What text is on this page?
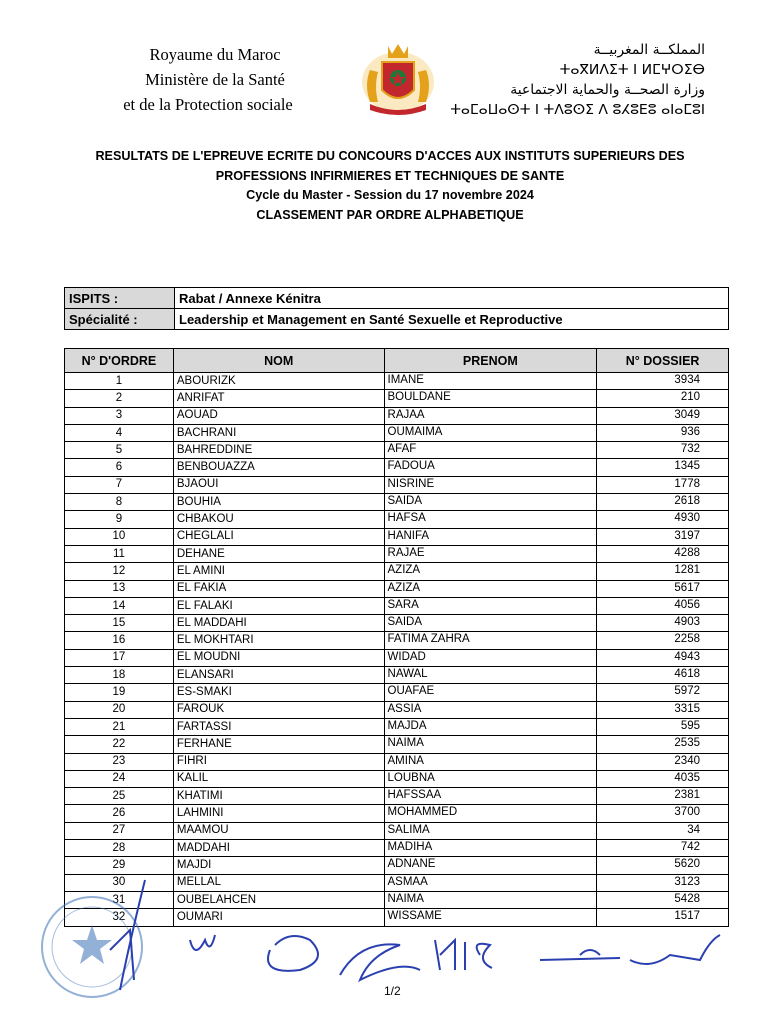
Royaume du Maroc
Ministère de la Santé
et de la Protection sociale
المملكــة المغربيــة
ⵜⴰⴳⵍⴷⵉⵜ ⵏ ⵍⵎⵖⵔⵉⴱ
وزارة الصحــة والحماية الاجتماعية
ⵜⴰⵎⴰⵡⴰⵙⵜ ⵏ ⵜⴷⵓⵙⵉ ⴷ ⵓⵃⵓⴹⵓ ⴰⵏⴰⵎⵓⵏ
RESULTATS DE L'EPREUVE ECRITE DU CONCOURS D'ACCES AUX INSTITUTS SUPERIEURS DES
PROFESSIONS INFIRMIERES ET TECHNIQUES DE SANTE
Cycle du Master - Session du 17 novembre 2024
CLASSEMENT PAR ORDRE ALPHABETIQUE
ISPITS :	Rabat / Annexe Kénitra
Spécialité :	Leadership et Management en Santé Sexuelle et Reproductive
N° D'ORDRE	NOM	PRENOM	N° DOSSIER
1	ABOURIZK	IMANE	3934
2	ANRIFAT	BOULDANE	210
3	AOUAD	RAJAA	3049
4	BACHRANI	OUMAIMA	936
5	BAHREDDINE	AFAF	732
6	BENBOUAZZA	FADOUA	1345
7	BJAOUI	NISRINE	1778
8	BOUHIA	SAIDA	2618
9	CHBAKOU	HAFSA	4930
10	CHEGLALI	HANIFA	3197
11	DEHANE	RAJAE	4288
12	EL AMINI	AZIZA	1281
13	EL FAKIA	AZIZA	5617
14	EL FALAKI	SARA	4056
15	EL MADDAHI	SAIDA	4903
16	EL MOKHTARI	FATIMA ZAHRA	2258
17	EL MOUDNI	WIDAD	4943
18	ELANSARI	NAWAL	4618
19	ES-SMAKI	OUAFAE	5972
20	FAROUK	ASSIA	3315
21	FARTASSI	MAJDA	595
22	FERHANE	NAIMA	2535
23	FIHRI	AMINA	2340
24	KALIL	LOUBNA	4035
25	KHATIMI	HAFSSAA	2381
26	LAHMINI	MOHAMMED	3700
27	MAAMOU	SALIMA	34
28	MADDAHI	MADIHA	742
29	MAJDI	ADNANE	5620
30	MELLAL	ASMAA	3123
31	OUBELAHCEN	NAIMA	5428
32	OUMARI	WISSAME	1517
1/2
